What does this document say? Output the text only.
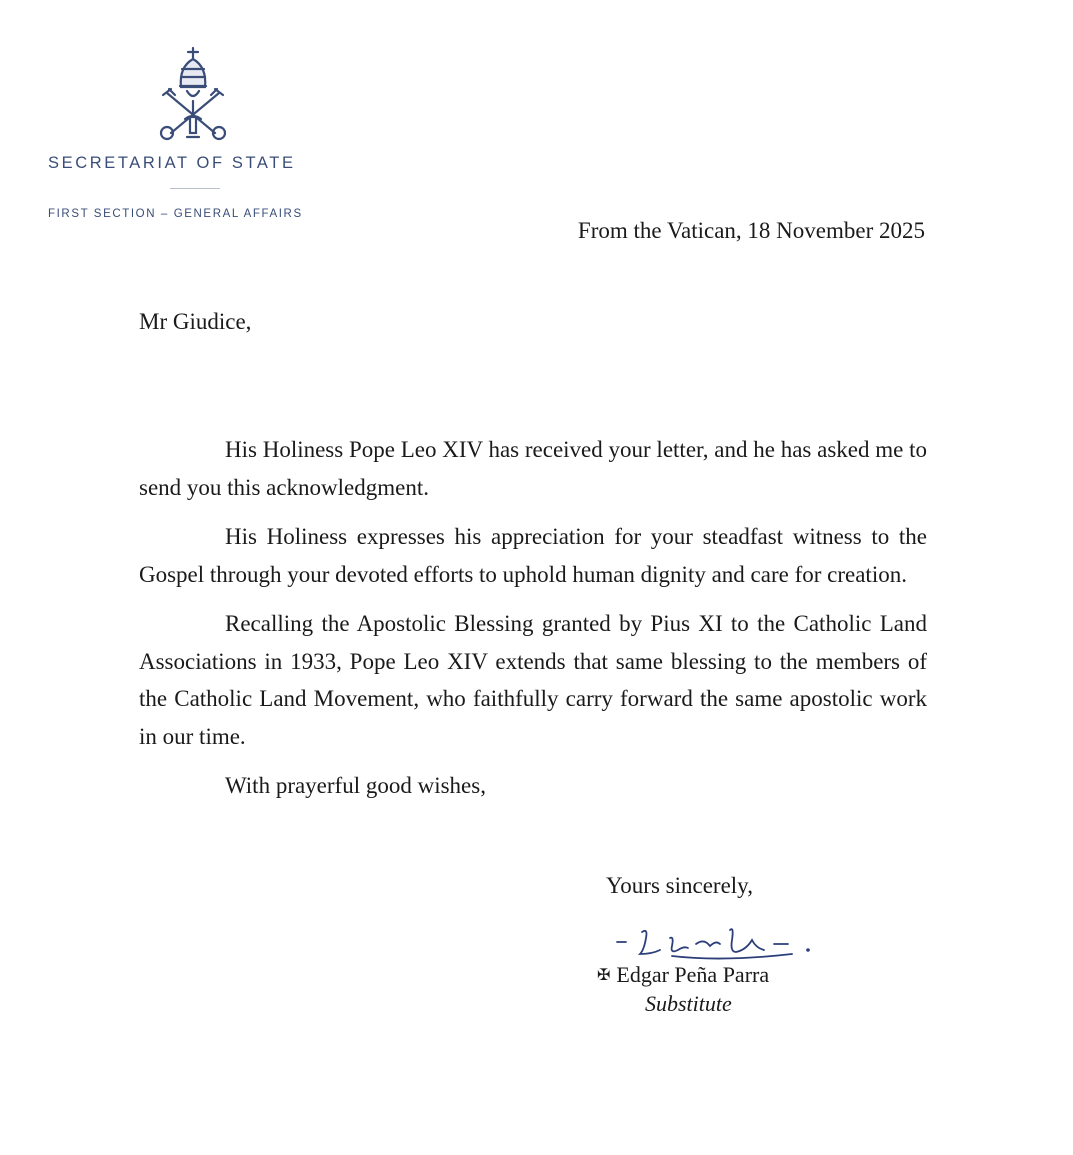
SECRETARIAT OF STATE
FIRST SECTION – GENERAL AFFAIRS
From the Vatican, 18 November 2025
Mr Giudice,

His Holiness Pope Leo XIV has received your letter, and he has asked me to send you this acknowledgment.

His Holiness expresses his appreciation for your steadfast witness to the Gospel through your devoted efforts to uphold human dignity and care for creation.

Recalling the Apostolic Blessing granted by Pius XI to the Catholic Land Associations in 1933, Pope Leo XIV extends that same blessing to the members of the Catholic Land Movement, who faithfully carry forward the same apostolic work in our time.

With prayerful good wishes,

Yours sincerely,
✠ Edgar Peña Parra
Substitute
